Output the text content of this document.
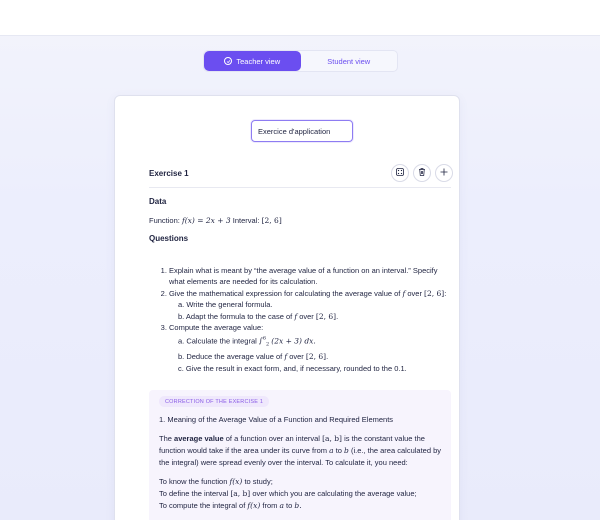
Teacher view	Student view
Exercice d'application
Exercise 1
Data
Function: f(x) = 2x + 3 Interval: [2, 6]
Questions
1. Explain what is meant by “the average value of a function on an interval.” Specify what elements are needed for its calculation.
2. Give the mathematical expression for calculating the average value of f over [2, 6]:
a. Write the general formula.
b. Adapt the formula to the case of f over [2, 6].
3. Compute the average value:
a. Calculate the integral ∫$^6_2$ (2x + 3) dx.
b. Deduce the average value of f over [2, 6].
c. Give the result in exact form, and, if necessary, rounded to the 0.1.
CORRECTION OF THE EXERCISE 1

1. Meaning of the Average Value of a Function and Required Elements

The average value of a function over an interval [a, b] is the constant value the function would take if the area under its curve from a to b (i.e., the area calculated by the integral) were spread evenly over the interval. To calculate it, you need:

To know the function f(x) to study;
To define the interval [a, b] over which you are calculating the average value;
To compute the integral of f(x) from a to b.
